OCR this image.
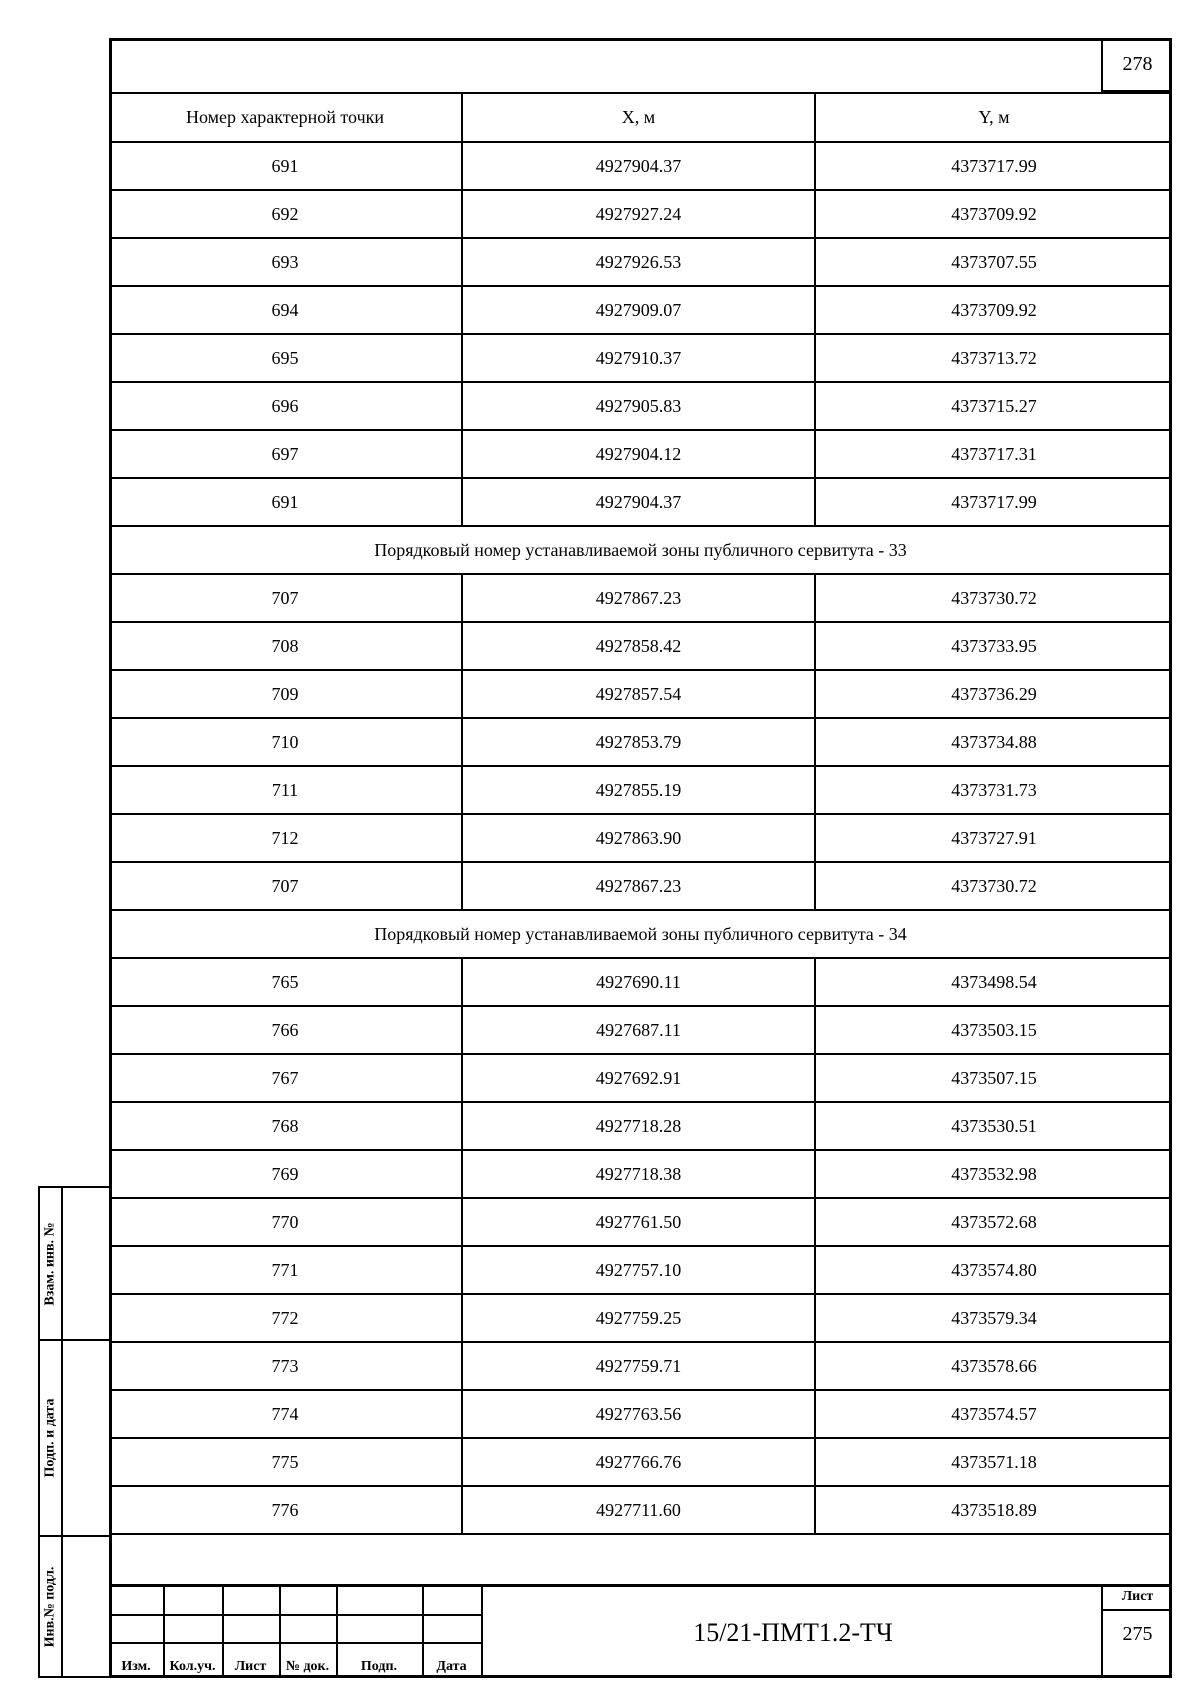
278
Номер характерной точки	X, м	Y, м
691	4927904.37	4373717.99
692	4927927.24	4373709.92
693	4927926.53	4373707.55
694	4927909.07	4373709.92
695	4927910.37	4373713.72
696	4927905.83	4373715.27
697	4927904.12	4373717.31
691	4927904.37	4373717.99
Порядковый номер устанавливаемой зоны публичного сервитута - 33		
707	4927867.23	4373730.72
708	4927858.42	4373733.95
709	4927857.54	4373736.29
710	4927853.79	4373734.88
711	4927855.19	4373731.73
712	4927863.90	4373727.91
707	4927867.23	4373730.72
Порядковый номер устанавливаемой зоны публичного сервитута - 34		
765	4927690.11	4373498.54
766	4927687.11	4373503.15
767	4927692.91	4373507.15
768	4927718.28	4373530.51
769	4927718.38	4373532.98
770	4927761.50	4373572.68
771	4927757.10	4373574.80
772	4927759.25	4373579.34
773	4927759.71	4373578.66
774	4927763.56	4373574.57
775	4927766.76	4373571.18
776	4927711.60	4373518.89
Взам. инв. №
Подп. и дата
Инв.№ подл.
Изм.	Кол.уч.	Лист	№ док.	Подп.	Дата
15/21-ПМТ1.2-ТЧ
Лист
275
